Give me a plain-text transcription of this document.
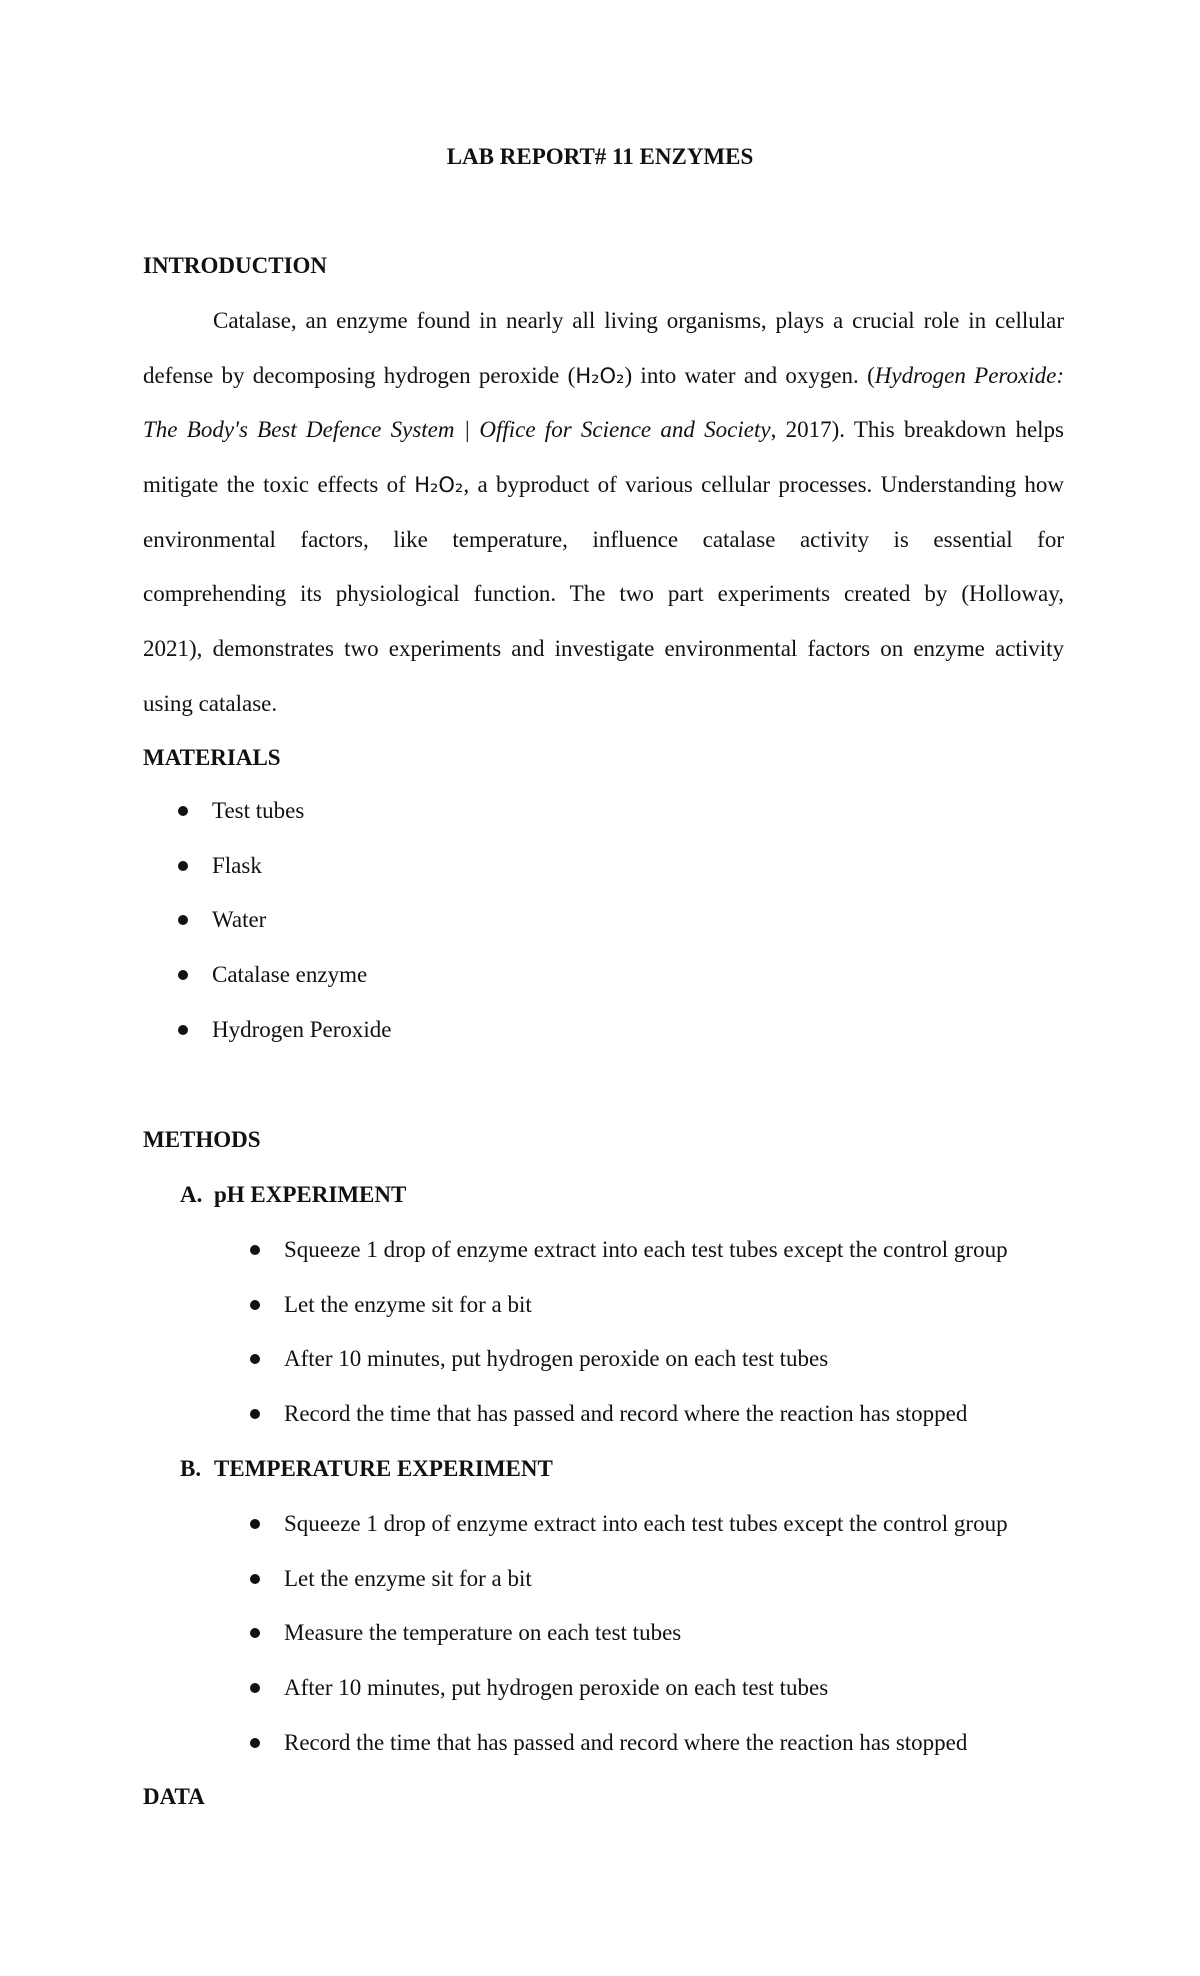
LAB REPORT# 11 ENZYMES
INTRODUCTION
Catalase, an enzyme found in nearly all living organisms, plays a crucial role in cellular
defense by decomposing hydrogen peroxide (H₂O₂) into water and oxygen. (Hydrogen Peroxide:
The Body's Best Defence System | Office for Science and Society, 2017). This breakdown helps
mitigate the toxic effects of H₂O₂, a byproduct of various cellular processes. Understanding how
environmental factors, like temperature, influence catalase activity is essential for
comprehending its physiological function. The two part experiments created by (Holloway,
2021), demonstrates two experiments and investigate environmental factors on enzyme activity
using catalase.
MATERIALS
Test tubes
Flask
Water
Catalase enzyme
Hydrogen Peroxide
METHODS
A. pH EXPERIMENT
Squeeze 1 drop of enzyme extract into each test tubes except the control group
Let the enzyme sit for a bit
After 10 minutes, put hydrogen peroxide on each test tubes
Record the time that has passed and record where the reaction has stopped
B. TEMPERATURE EXPERIMENT
Squeeze 1 drop of enzyme extract into each test tubes except the control group
Let the enzyme sit for a bit
Measure the temperature on each test tubes
After 10 minutes, put hydrogen peroxide on each test tubes
Record the time that has passed and record where the reaction has stopped
DATA
